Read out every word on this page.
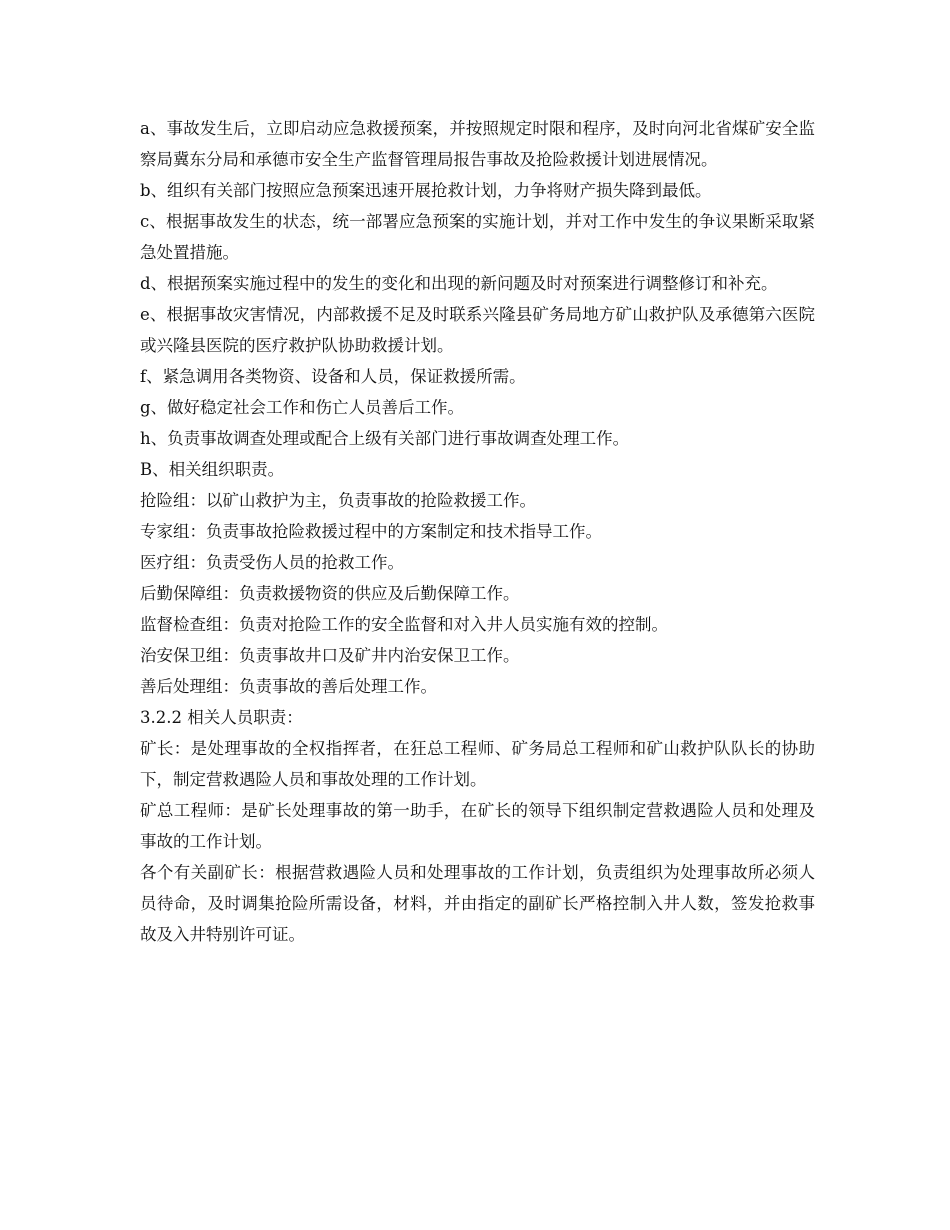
a、事故发生后，立即启动应急救援预案，并按照规定时限和程序，及时向河北省煤矿安全监察局冀东分局和承德市安全生产监督管理局报告事故及抢险救援计划进展情况。

b、组织有关部门按照应急预案迅速开展抢救计划，力争将财产损失降到最低。

c、根据事故发生的状态，统一部署应急预案的实施计划，并对工作中发生的争议果断采取紧急处置措施。

d、根据预案实施过程中的发生的变化和出现的新问题及时对预案进行调整修订和补充。

e、根据事故灾害情况，内部救援不足及时联系兴隆县矿务局地方矿山救护队及承德第六医院或兴隆县医院的医疗救护队协助救援计划。

f、紧急调用各类物资、设备和人员，保证救援所需。

g、做好稳定社会工作和伤亡人员善后工作。

h、负责事故调查处理或配合上级有关部门进行事故调查处理工作。

B、相关组织职责。

抢险组：以矿山救护为主，负责事故的抢险救援工作。

专家组：负责事故抢险救援过程中的方案制定和技术指导工作。

医疗组：负责受伤人员的抢救工作。

后勤保障组：负责救援物资的供应及后勤保障工作。

监督检查组：负责对抢险工作的安全监督和对入井人员实施有效的控制。

治安保卫组：负责事故井口及矿井内治安保卫工作。

善后处理组：负责事故的善后处理工作。

3.2.2 相关人员职责：

矿长：是处理事故的全权指挥者，在狂总工程师、矿务局总工程师和矿山救护队队长的协助下，制定营救遇险人员和事故处理的工作计划。

矿总工程师：是矿长处理事故的第一助手，在矿长的领导下组织制定营救遇险人员和处理及事故的工作计划。

各个有关副矿长：根据营救遇险人员和处理事故的工作计划，负责组织为处理事故所必须人员待命，及时调集抢险所需设备，材料，并由指定的副矿长严格控制入井人数，签发抢救事故及入井特别许可证。
